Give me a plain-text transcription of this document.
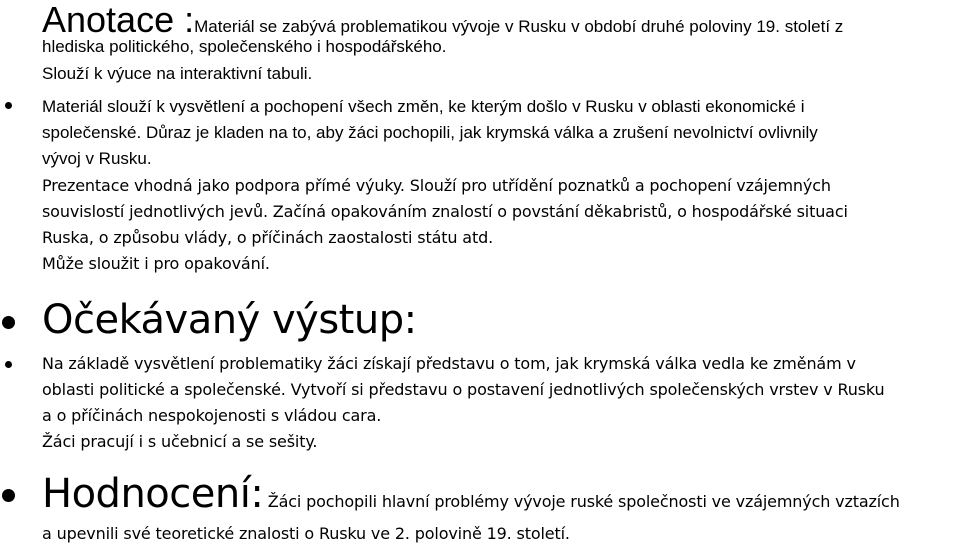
Anotace :Materiál se zabývá problematikou vývoje v Rusku v období druhé poloviny 19. století z
hlediska politického, společenského i hospodářského.
Slouží k výuce na interaktivní tabuli.
Materiál slouží k vysvětlení a pochopení všech změn, ke kterým došlo v Rusku v oblasti ekonomické i
společenské. Důraz je kladen na to, aby žáci pochopili, jak krymská válka a zrušení nevolnictví ovlivnily
vývoj v Rusku.
Prezentace vhodná jako podpora přímé výuky. Slouží pro utřídění poznatků a pochopení vzájemných
souvislostí jednotlivých jevů. Začíná opakováním znalostí o povstání děkabristů, o hospodářské situaci
Ruska, o způsobu vlády, o příčinách zaostalosti státu atd.
Může sloužit i pro opakování.
Očekávaný výstup:
Na základě vysvětlení problematiky žáci získají představu o tom, jak krymská válka vedla ke změnám v
oblasti politické a společenské. Vytvoří si představu o postavení jednotlivých společenských vrstev v Rusku
a o příčinách nespokojenosti s vládou cara.
Žáci pracují i s učebnicí a se sešity.
Hodnocení: Žáci pochopili hlavní problémy vývoje ruské společnosti ve vzájemných vztazích
a upevnili své teoretické znalosti o Rusku ve 2. polovině 19. století.
